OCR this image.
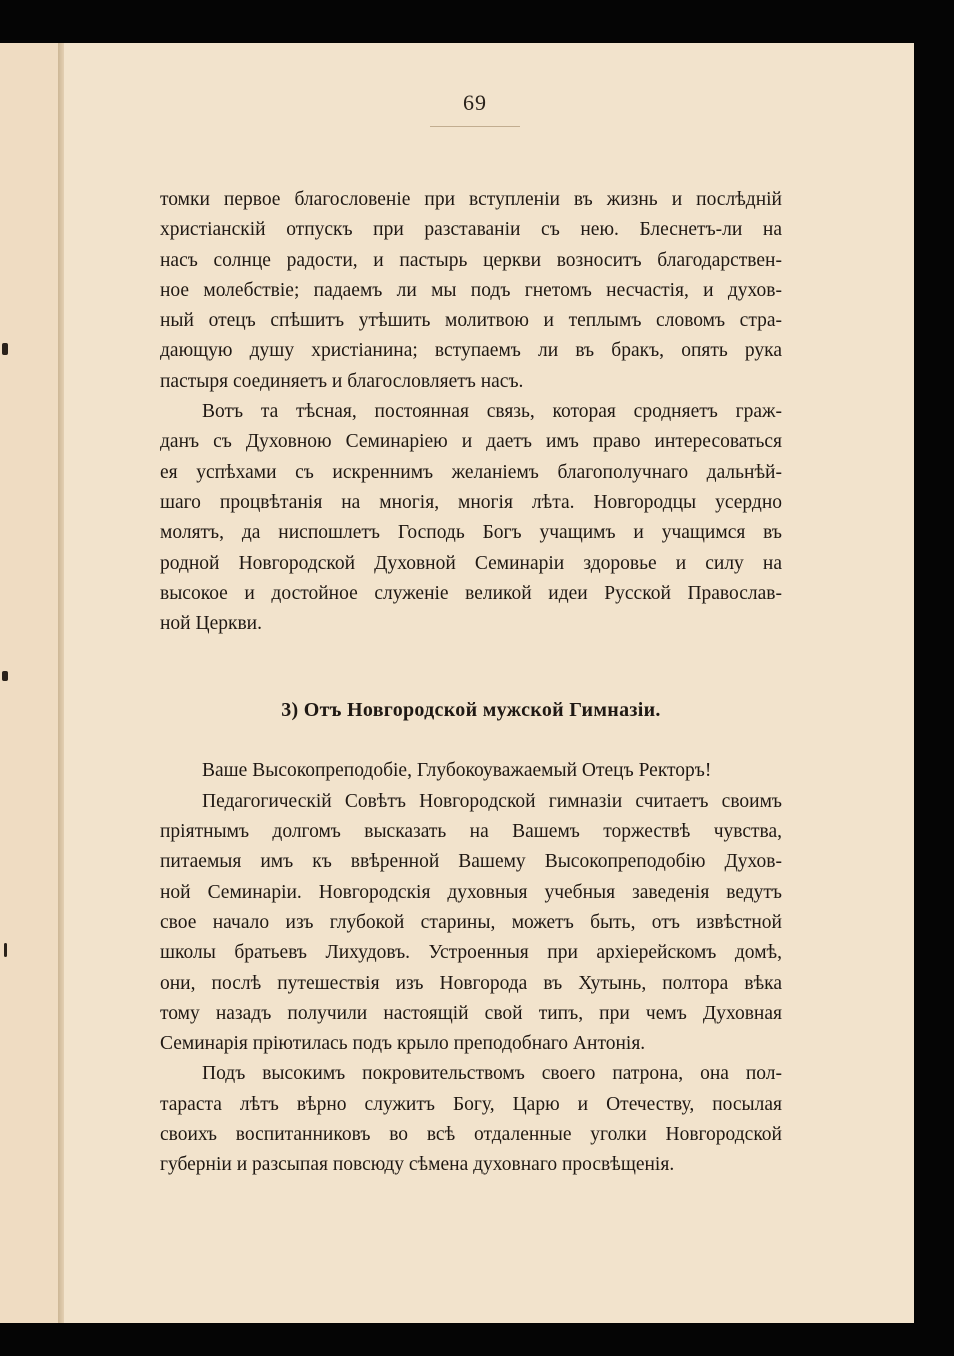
69
томки первое благословеніе при вступленіи въ жизнь и послѣдній
христіанскій отпускъ при разставаніи съ нею. Блеснетъ-ли на
насъ солнце радости, и пастырь церкви возноситъ благодарствен-
ное молебствіе; падаемъ ли мы подъ гнетомъ несчастія, и духов-
ный отецъ спѣшитъ утѣшить молитвою и теплымъ словомъ стра-
дающую душу христіанина; вступаемъ ли въ бракъ, опять рука
пастыря соединяетъ и благословляетъ насъ.
Вотъ та тѣсная, постоянная связь, которая сродняетъ граж-
данъ съ Духовною Семинаріею и даетъ имъ право интересоваться
ея успѣхами съ искреннимъ желаніемъ благополучнаго дальнѣй-
шаго процвѣтанія на многія, многія лѣта. Новгородцы усердно
молятъ, да ниспошлетъ Господь Богъ учащимъ и учащимся въ
родной Новгородской Духовной Семинаріи здоровье и силу на
высокое и достойное служеніе великой идеи Русской Православ-
ной Церкви.
3) Отъ Новгородской мужской Гимназіи.
Ваше Высокопреподобіе, Глубокоуважаемый Отецъ Ректоръ!
Педагогическій Совѣтъ Новгородской гимназіи считаетъ своимъ
пріятнымъ долгомъ высказать на Вашемъ торжествѣ чувства,
питаемыя имъ къ ввѣренной Вашему Высокопреподобію Духов-
ной Семинаріи. Новгородскія духовныя учебныя заведенія ведутъ
свое начало изъ глубокой старины, можетъ быть, отъ извѣстной
школы братьевъ Лихудовъ. Устроенныя при архіерейскомъ домѣ,
они, послѣ путешествія изъ Новгорода въ Хутынь, полтора вѣка
тому назадъ получили настоящій свой типъ, при чемъ Духовная
Семинарія пріютилась подъ крыло преподобнаго Антонія.
Подъ высокимъ покровительствомъ своего патрона, она пол-
тараста лѣтъ вѣрно служитъ Богу, Царю и Отечеству, посылая
своихъ воспитанниковъ во всѣ отдаленные уголки Новгородской
губерніи и разсыпая повсюду сѣмена духовнаго просвѣщенія.
